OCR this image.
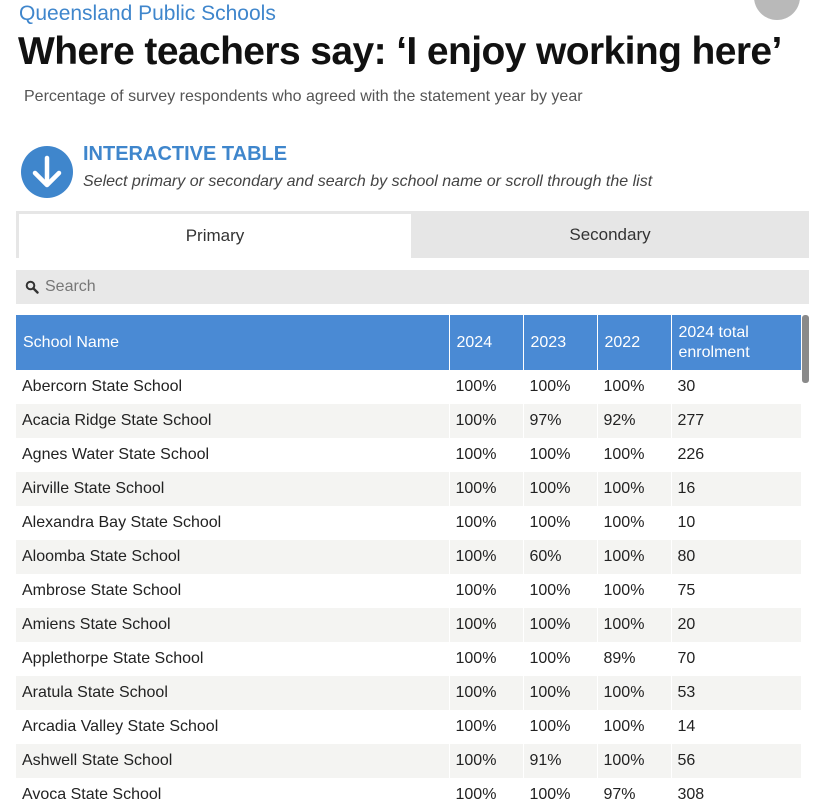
Queensland Public Schools
Where teachers say: ‘I enjoy working here’
Percentage of survey respondents who agreed with the statement year by year
INTERACTIVE TABLE
Select primary or secondary and search by school name or scroll through the list
Primary	Secondary
Search
School Name	2024	2023	2022	2024 total enrolment
Abercorn State School	100%	100%	100%	30
Acacia Ridge State School	100%	97%	92%	277
Agnes Water State School	100%	100%	100%	226
Airville State School	100%	100%	100%	16
Alexandra Bay State School	100%	100%	100%	10
Aloomba State School	100%	60%	100%	80
Ambrose State School	100%	100%	100%	75
Amiens State School	100%	100%	100%	20
Applethorpe State School	100%	100%	89%	70
Aratula State School	100%	100%	100%	53
Arcadia Valley State School	100%	100%	100%	14
Ashwell State School	100%	91%	100%	56
Avoca State School	100%	100%	97%	308
